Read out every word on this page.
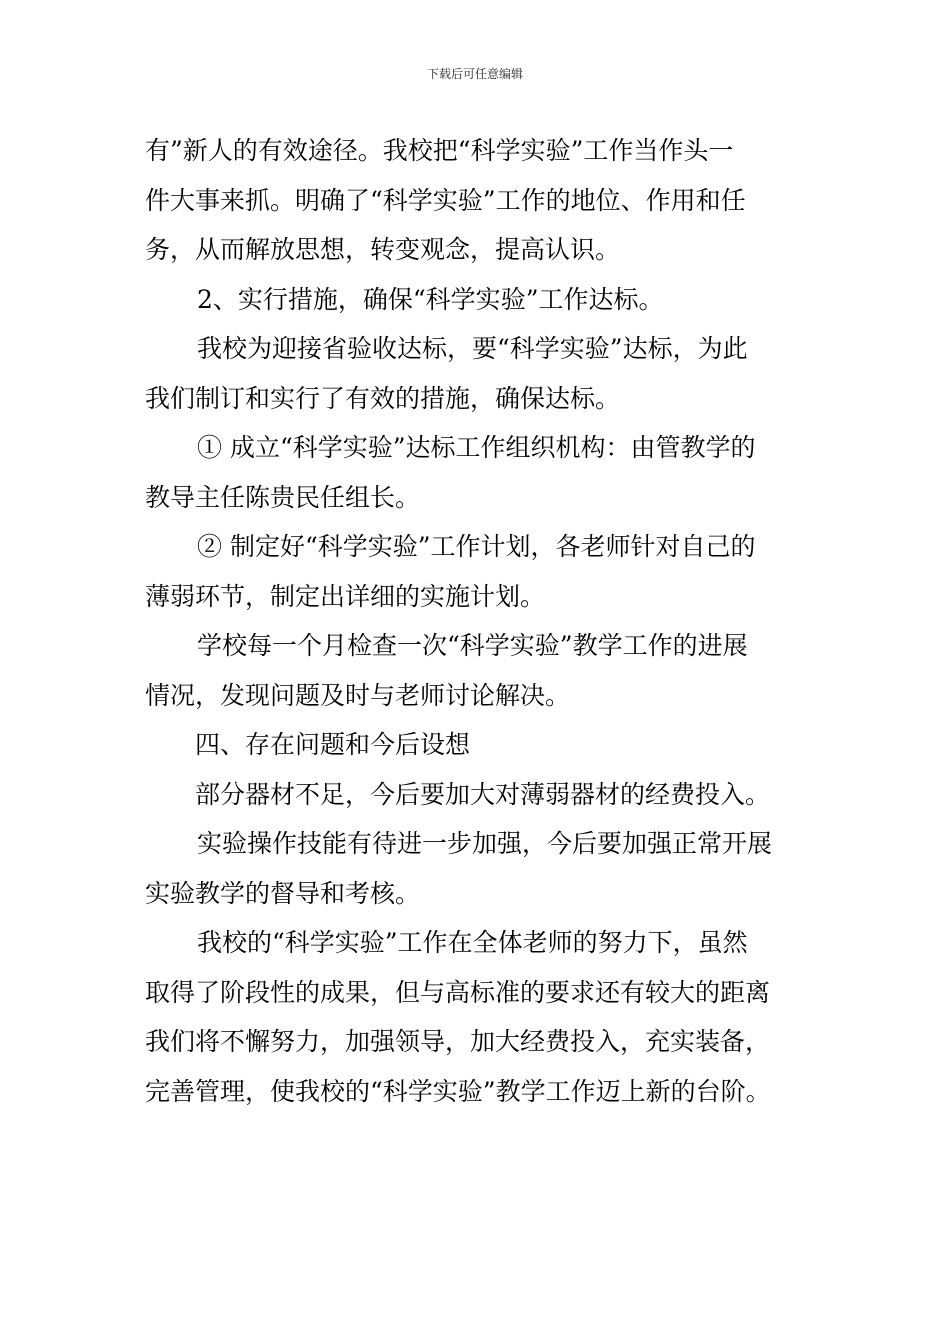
下载后可任意编辑
有”新人的有效途径。我校把“科学实验”工作当作头一
件大事来抓。明确了“科学实验”工作的地位、作用和任
务，从而解放思想，转变观念，提高认识。
2、实行措施，确保“科学实验”工作达标。
我校为迎接省验收达标，要“科学实验”达标，为此
我们制订和实行了有效的措施，确保达标。
① 成立“科学实验”达标工作组织机构：由管教学的
教导主任陈贵民任组长。
② 制定好“科学实验”工作计划，各老师针对自己的
薄弱环节，制定出详细的实施计划。
学校每一个月检查一次“科学实验”教学工作的进展
情况，发现问题及时与老师讨论解决。
四、存在问题和今后设想
部分器材不足，今后要加大对薄弱器材的经费投入。
实验操作技能有待进一步加强，今后要加强正常开展
实验教学的督导和考核。
我校的“科学实验”工作在全体老师的努力下，虽然
取得了阶段性的成果，但与高标准的要求还有较大的距离
我们将不懈努力，加强领导，加大经费投入，充实装备，
完善管理，使我校的“科学实验”教学工作迈上新的台阶。
